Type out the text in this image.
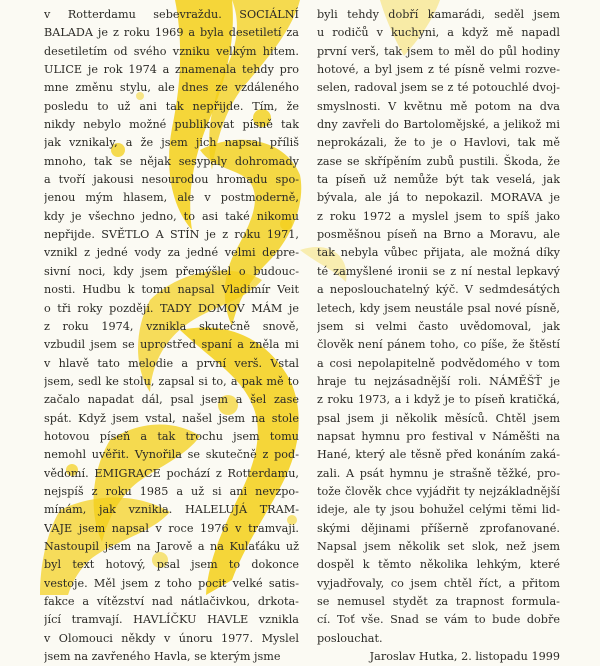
v Rotterdamu sebevraždu. SOCIÁLNÍ
BALADA je z roku 1969 a byla desetiletí za
desetiletím od svého vzniku velkým hitem.
ULICE je rok 1974 a znamenala tehdy pro
mne změnu stylu, ale dnes ze vzdáleného
posledu to už ani tak nepřijde. Tím, že
nikdy nebylo možné publikovat písně tak
jak vznikaly, a že jsem jich napsal příliš
mnoho, tak se nějak sesypaly dohromady
a tvoří jakousi nesourodou hromadu spo-
jenou mým hlasem, ale v postmoderně,
kdy je všechno jedno, to asi také nikomu
nepřijde. SVĚTLO A STÍN je z roku 1971,
vznikl z jedné vody za jedné velmi depre-
sivní noci, kdy jsem přemýšlel o budouc-
nosti. Hudbu k tomu napsal Vladimír Veit
o tři roky později. TADY DOMOV MÁM je
z roku 1974, vznikla skutečně snově,
vzbudil jsem se uprostřed spaní a zněla mi
v hlavě tato melodie a první verš. Vstal
jsem, sedl ke stolu, zapsal si to, a pak mě to
začalo napadat dál, psal jsem a šel zase
spát. Když jsem vstal, našel jsem na stole
hotovou píseň a tak trochu jsem tomu
nemohl uvěřit. Vynořila se skutečně z pod-
vědomí. EMIGRACE pochází z Rotterdamu,
nejspíš z roku 1985 a už si ani nevzpo-
mínám, jak vznikla. HALELUJÁ TRAM-
VAJE jsem napsal v roce 1976 v tramvaji.
Nastoupil jsem na Jarově a na Kulaťáku už
byl text hotový, psal jsem to dokonce
vestoje. Měl jsem z toho pocit velké satis-
fakce a vítězství nad nátlačivkou, drkota-
jící tramvají. HAVLÍČKU HAVLE vznikla
v Olomouci někdy v únoru 1977. Myslel
jsem na zavřeného Havla, se kterým jsme
byli tehdy dobří kamarádi, seděl jsem
u rodičů v kuchyni, a když mě napadl
první verš, tak jsem to měl do půl hodiny
hotové, a byl jsem z té písně velmi rozve-
selen, radoval jsem se z té potouchlé dvoj-
smyslnosti. V květnu mě potom na dva
dny zavřeli do Bartolomějské, a jelikož mi
neprokázali, že to je o Havlovi, tak mě
zase se skřípěním zubů pustili. Škoda, že
ta píseň už nemůže být tak veselá, jak
bývala, ale já to nepokazil. MORAVA je
z roku 1972 a myslel jsem to spíš jako
posměšnou píseň na Brno a Moravu, ale
tak nebyla vůbec přijata, ale možná díky
té zamyšlené ironii se z ní nestal lepkavý
a neposlouchatelný kýč. V sedmdesátých
letech, kdy jsem neustále psal nové písně,
jsem si velmi často uvědomoval, jak
člověk není pánem toho, co píše, že štěstí
a cosi nepolapitelně podvědomého v tom
hraje tu nejzásadnější roli. NÁMĚŠŤ je
z roku 1973, a i když je to píseň kratičká,
psal jsem ji několik měsíců. Chtěl jsem
napsat hymnu pro festival v Náměšti na
Hané, který ale těsně před konáním zaká-
zali. A psát hymnu je strašně těžké, pro-
tože člověk chce vyjádřit ty nejzákladnější
ideje, ale ty jsou bohužel celými těmi lid-
skými dějinami příšerně zprofanované.
Napsal jsem několik set slok, než jsem
dospěl k těmto několika lehkým, které
vyjadřovaly, co jsem chtěl říct, a přitom
se nemusel stydět za trapnost formula-
cí. Toť vše. Snad se vám to bude dobře
poslouchat.
Jaroslav Hutka, 2. listopadu 1999
